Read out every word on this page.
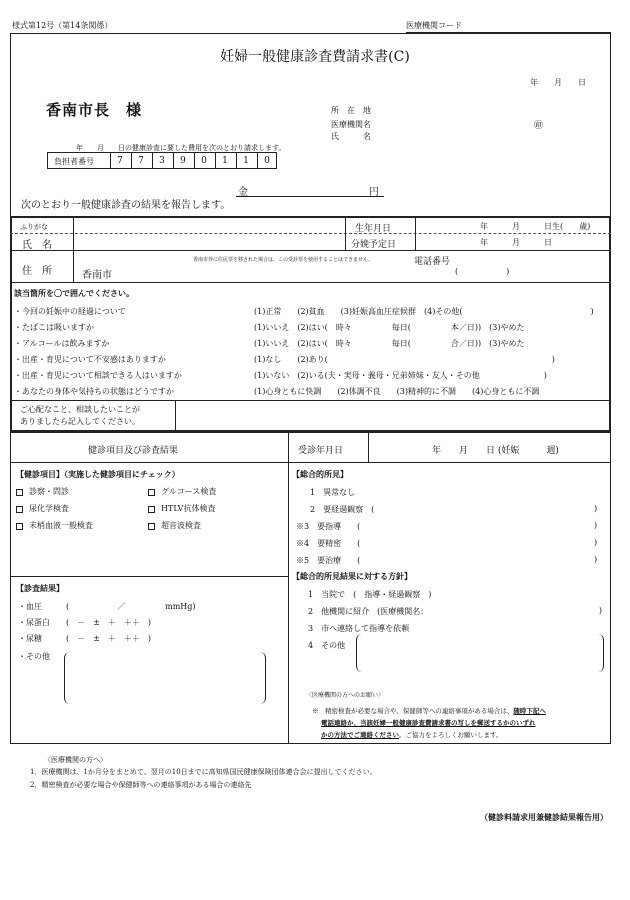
様式第12号（第14条関係）	医療機関コード
妊婦一般健康診査費請求書(C)
年　　月　　日
香南市長　様	所　在　地
医療機関名	㊞
氏　　　名
年　　月　　日の健康診査に要した費用を次のとおり請求します。
負担者番号	7	7	3	9	0	1	1	0
金	円
次のとおり一般健康診査の結果を報告します。
ふりがな
氏　名
生年月日	年　　　月　　　日生(　　歳)
分娩予定日	年　　　月　　　日
住　所
香南市外に住民票を移された場合は、この受診票を使用することはできません。	電話番号
(　　　　　　)
香南市
該当箇所を〇で囲んでください。
・今回の妊娠中の経過について	(1)正常　　(2)貧血　　(3)妊娠高血圧症候群　(4)その他(　　　　　　　　　　　　　　　　)
・たばこは吸いますか	(1)いいえ　(2)はい(　時々　　　　　毎日(　　　　　本／日))　(3)やめた
・アルコールは飲みますか	(1)いいえ　(2)はい(　時々　　　　　毎日(　　　　　合／日))　(3)やめた
・出産・育児について不安感はありますか	(1)なし　　(2)あり(　　　　　　　　　　　　　　　　　　　　　　　　　　　　)
・出産・育児について相談できる人はいますか	(1)いない　(2)いる(夫・実母・義母・兄弟姉妹・友人・その他　　　　　　　　)
・あなたの身体や気持ちの状態はどうですか	(1)心身ともに快調　　(2)体調不良　　(3)精神的に不調　　(4)心身ともに不調
ご心配なこと、相談したいことが
ありましたら記入してください。
健診項目及び診査結果	受診年月日	年　　月　　日 (妊娠　　　週)
【健診項目】（実施した健診項目にチェック）
診察・問診	グルコース検査
尿化学検査	HTLV抗体検査
末梢血液一般検査	超音波検査
【診査結果】
・血圧	(　　　　　　／　　　　　mmHg)
・尿蛋白 (　－　±　＋　＋＋　)
・尿糖	(　－　±　＋　＋＋　)
・その他
【総合的所見】
1　異常なし
2　要経過観察　(	)
※3　要指導　　(	)
※4　要精密　　(	)
※5　要治療　　(	)
【総合的所見結果に対する方針】
1　当院で　(　指導・経過観察　)
2　他機関に紹介　(医療機関名：
3　市へ連絡して指導を依頼
4　その他
)
〈医療機関の方へのお願い〉
※　精密検査が必要な場合や、保健師等への連絡事項がある場合は、随時下記へ
電話連絡か、当該妊婦一般健康診査費請求書の写しを郵送するかのいずれ
かの方法でご連絡ください。ご協力をよろしくお願いします。
〈医療機関の方へ〉
1．医療機関は、1か月分をまとめて、翌月の10日までに高知県国民健康保険団体連合会に提出してください。
2．精密検査が必要な場合や保健師等への連絡事項がある場合の連絡先
（健診料請求用兼健診結果報告用）
